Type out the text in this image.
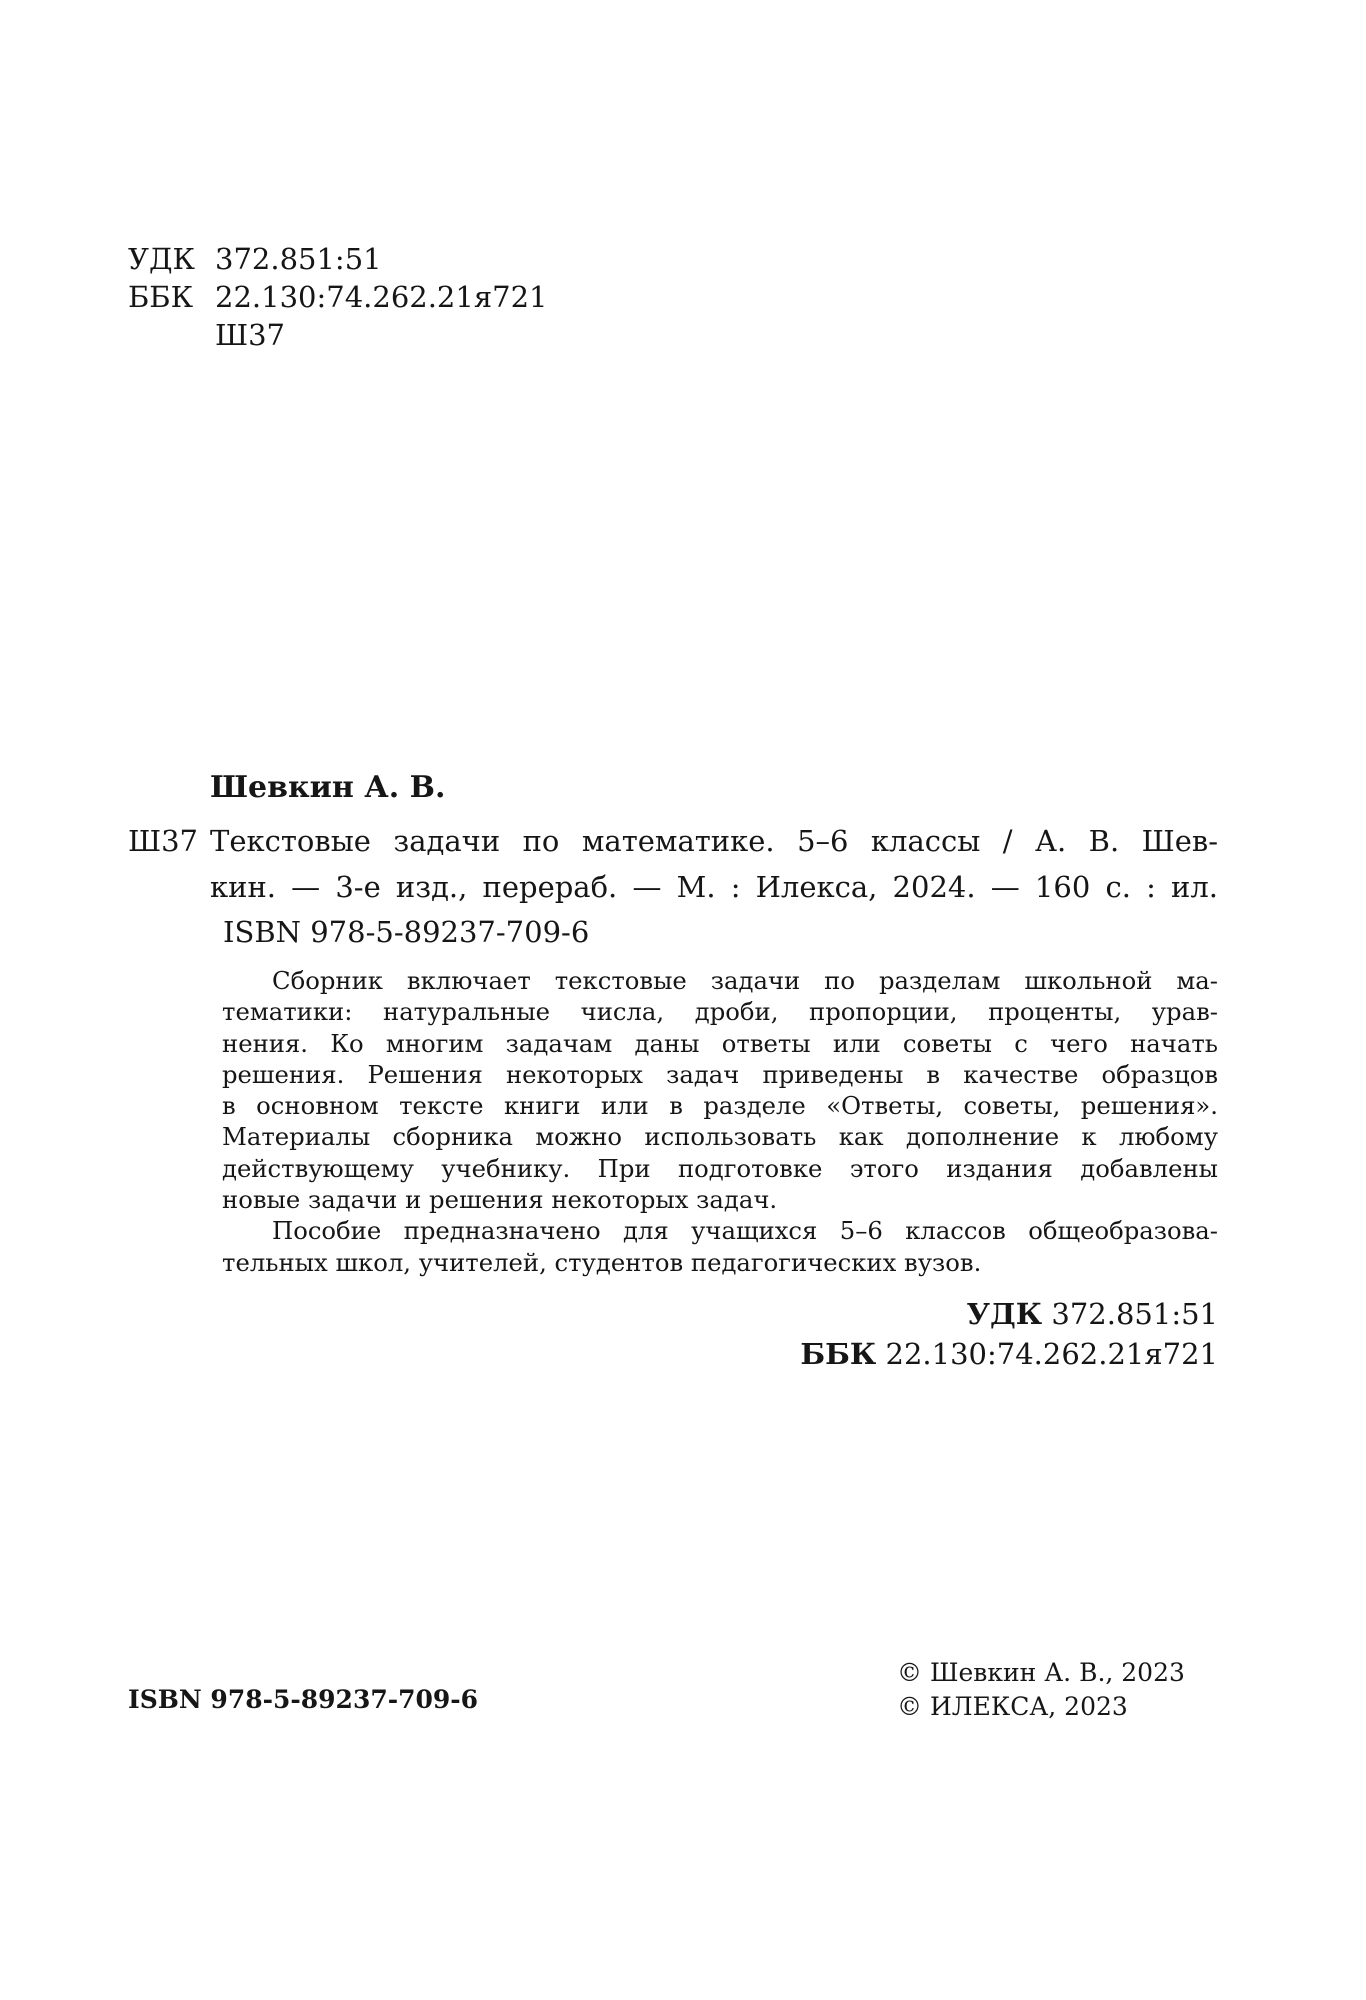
УДК 372.851:51
ББК 22.130:74.262.21я721
Ш37
Шевкин А. В.
Ш37 Текстовые задачи по математике. 5–6 классы / А. В. Шев-
кин. — 3-е изд., перераб. — М. : Илекса, 2024. — 160 с. : ил.
ISBN 978-5-89237-709-6
Сборник включает текстовые задачи по разделам школьной ма-
тематики: натуральные числа, дроби, пропорции, проценты, урав-
нения. Ко многим задачам даны ответы или советы с чего начать
решения. Решения некоторых задач приведены в качестве образцов
в основном тексте книги или в разделе «Ответы, советы, решения».
Материалы сборника можно использовать как дополнение к любому
действующему учебнику. При подготовке этого издания добавлены
новые задачи и решения некоторых задач.
Пособие предназначено для учащихся 5–6 классов общеобразова-
тельных школ, учителей, студентов педагогических вузов.
УДК 372.851:51
ББК 22.130:74.262.21я721
ISBN 978-5-89237-709-6
© Шевкин А. В., 2023
© ИЛЕКСА, 2023
